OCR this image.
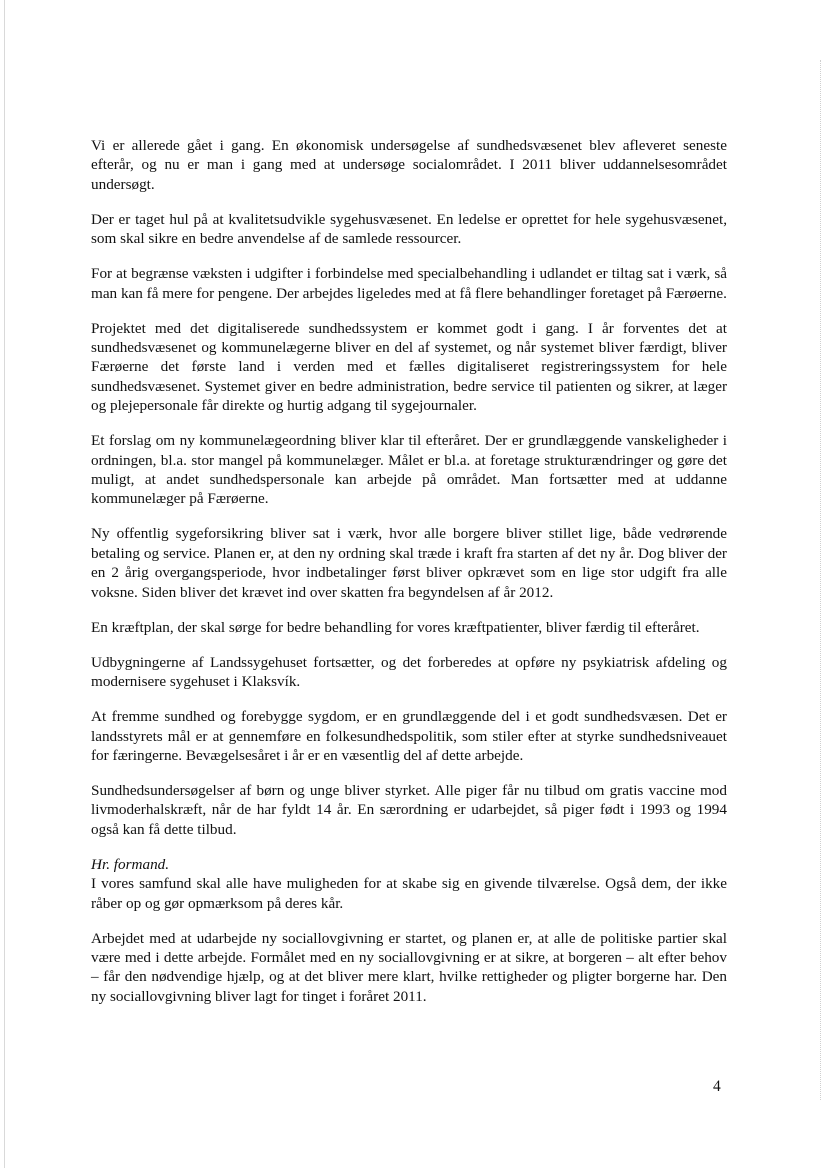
Vi er allerede gået i gang. En økonomisk undersøgelse af sundhedsvæsenet blev afleveret seneste efterår, og nu er man i gang med at undersøge socialområdet. I 2011 bliver uddannelsesområdet undersøgt.

Der er taget hul på at kvalitetsudvikle sygehusvæsenet. En ledelse er oprettet for hele sygehusvæsenet, som skal sikre en bedre anvendelse af de samlede ressourcer.

For at begrænse væksten i udgifter i forbindelse med specialbehandling i udlandet er tiltag sat i værk, så man kan få mere for pengene. Der arbejdes ligeledes med at få flere behandlinger foretaget på Færøerne.

Projektet med det digitaliserede sundhedssystem er kommet godt i gang. I år forventes det at sundhedsvæsenet og kommunelægerne bliver en del af systemet, og når systemet bliver færdigt, bliver Færøerne det første land i verden med et fælles digitaliseret registreringssystem for hele sundhedsvæsenet. Systemet giver en bedre administration, bedre service til patienten og sikrer, at læger og plejepersonale får direkte og hurtig adgang til sygejournaler.

Et forslag om ny kommunelægeordning bliver klar til efteråret. Der er grundlæggende vanskeligheder i ordningen, bl.a. stor mangel på kommunelæger. Målet er bl.a. at foretage strukturændringer og gøre det muligt, at andet sundhedspersonale kan arbejde på området. Man fortsætter med at uddanne kommunelæger på Færøerne.

Ny offentlig sygeforsikring bliver sat i værk, hvor alle borgere bliver stillet lige, både vedrørende betaling og service. Planen er, at den ny ordning skal træde i kraft fra starten af det ny år. Dog bliver der en 2 årig overgangsperiode, hvor indbetalinger først bliver opkrævet som en lige stor udgift fra alle voksne. Siden bliver det krævet ind over skatten fra begyndelsen af år 2012.

En kræftplan, der skal sørge for bedre behandling for vores kræftpatienter, bliver færdig til efteråret.

Udbygningerne af Landssygehuset fortsætter, og det forberedes at opføre ny psykiatrisk afdeling og modernisere sygehuset i Klaksvík.

At fremme sundhed og forebygge sygdom, er en grundlæggende del i et godt sundhedsvæsen. Det er landsstyrets mål er at gennemføre en folkesundhedspolitik, som stiler efter at styrke sundhedsniveauet for færingerne. Bevægelsesåret i år er en væsentlig del af dette arbejde.

Sundhedsundersøgelser af børn og unge bliver styrket. Alle piger får nu tilbud om gratis vaccine mod livmoderhalskræft, når de har fyldt 14 år. En særordning er udarbejdet, så piger født i 1993 og 1994 også kan få dette tilbud.

Hr. formand.

I vores samfund skal alle have muligheden for at skabe sig en givende tilværelse. Også dem, der ikke råber op og gør opmærksom på deres kår.

Arbejdet med at udarbejde ny sociallovgivning er startet, og planen er, at alle de politiske partier skal være med i dette arbejde. Formålet med en ny sociallovgivning er at sikre, at borgeren – alt efter behov – får den nødvendige hjælp, og at det bliver mere klart, hvilke rettigheder og pligter borgerne har. Den ny sociallovgivning bliver lagt for tinget i foråret 2011.

4
